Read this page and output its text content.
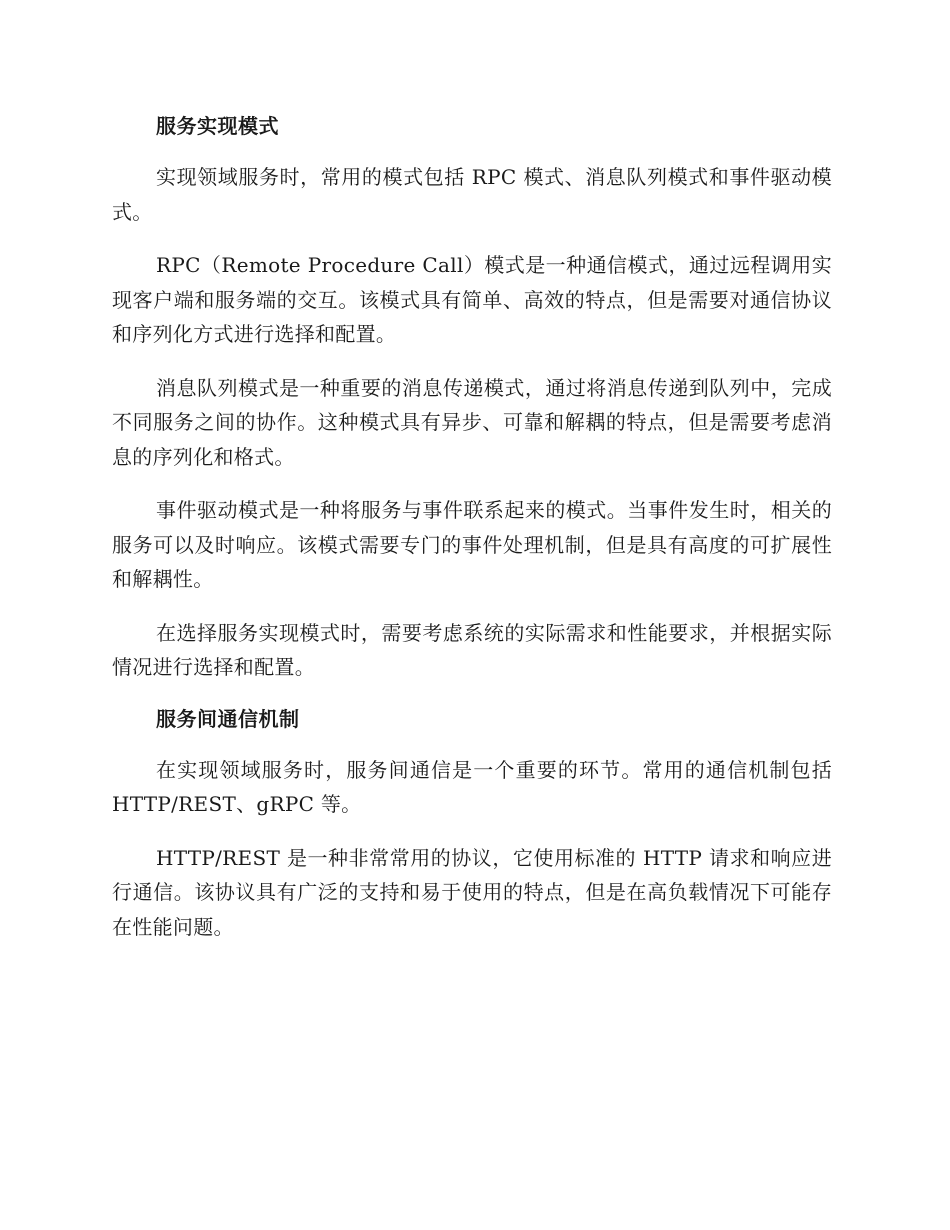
服务实现模式

实现领域服务时，常用的模式包括 RPC 模式、消息队列模式和事件驱动模式。

RPC（Remote Procedure Call）模式是一种通信模式，通过远程调用实现客户端和服务端的交互。该模式具有简单、高效的特点，但是需要对通信协议和序列化方式进行选择和配置。

消息队列模式是一种重要的消息传递模式，通过将消息传递到队列中，完成不同服务之间的协作。这种模式具有异步、可靠和解耦的特点，但是需要考虑消息的序列化和格式。

事件驱动模式是一种将服务与事件联系起来的模式。当事件发生时，相关的服务可以及时响应。该模式需要专门的事件处理机制，但是具有高度的可扩展性和解耦性。

在选择服务实现模式时，需要考虑系统的实际需求和性能要求，并根据实际情况进行选择和配置。

服务间通信机制

在实现领域服务时，服务间通信是一个重要的环节。常用的通信机制包括 HTTP/REST、gRPC 等。

HTTP/REST 是一种非常常用的协议，它使用标准的 HTTP 请求和响应进行通信。该协议具有广泛的支持和易于使用的特点，但是在高负载情况下可能存在性能问题。
